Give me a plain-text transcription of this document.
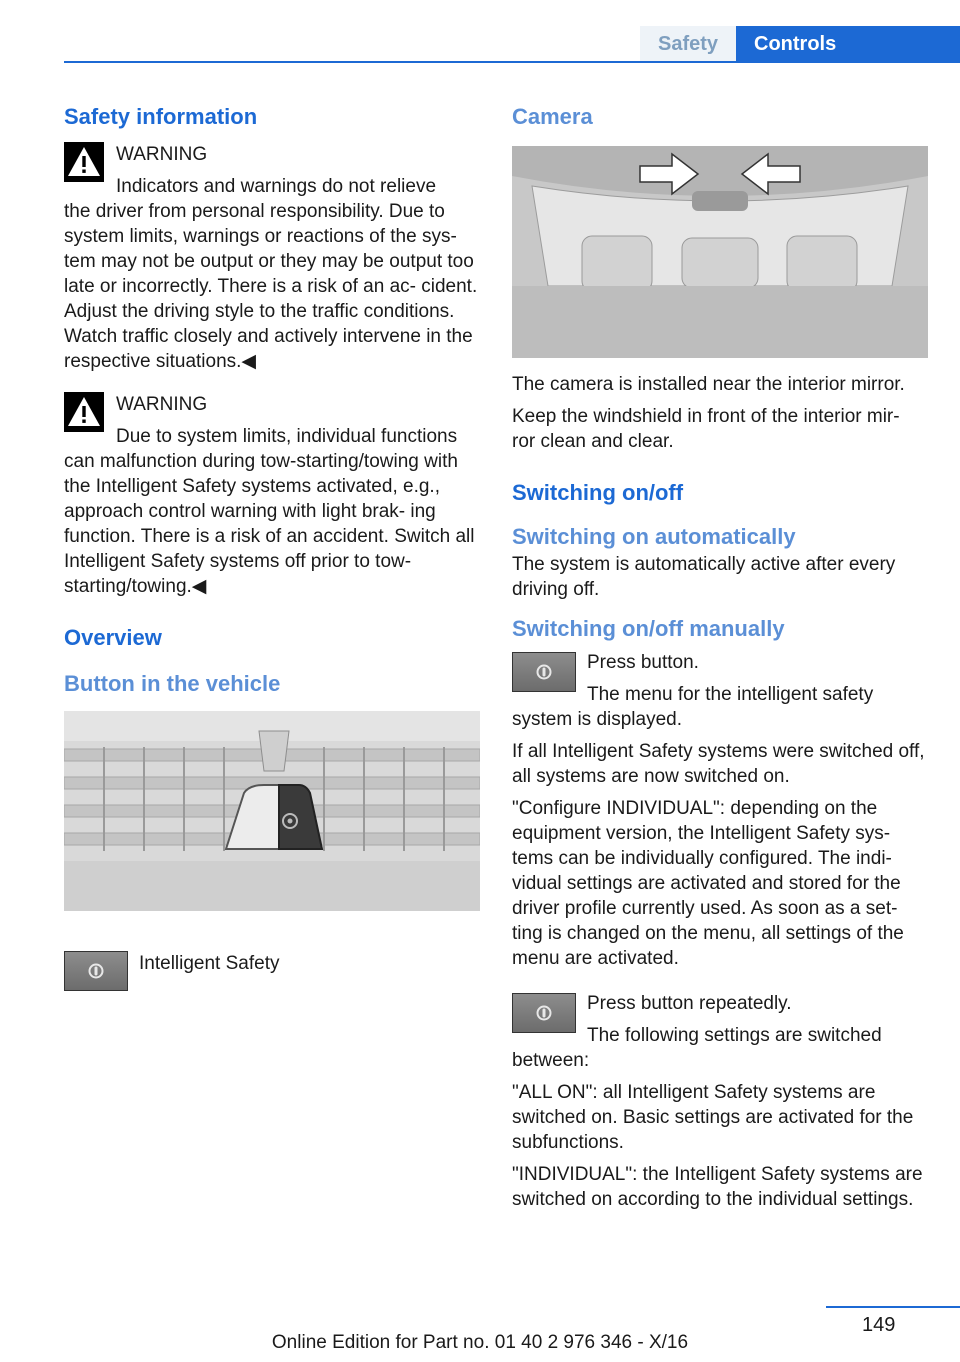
Safety	Controls
Safety information
WARNING

Indicators and warnings do not relieve

the driver from personal responsibility. Due to system limits, warnings or reactions of the sys‐ tem may not be output or they may be output too late or incorrectly. There is a risk of an ac‐ cident. Adjust the driving style to the traffic conditions. Watch traffic closely and actively intervene in the respective situations.◀

WARNING

Due to system limits, individual functions

can malfunction during tow-starting/towing with the Intelligent Safety systems activated, e.g., approach control warning with light brak‐ ing function. There is a risk of an accident. Switch all Intelligent Safety systems off prior to tow-starting/towing.◀

Overview
Button in the vehicle
Intelligent Safety
Camera

The camera is installed near the interior mirror.

Keep the windshield in front of the interior mir‐ ror clean and clear.

Switching on/off
Switching on automatically

The system is automatically active after every driving off.

Switching on/off manually
Press button.
The menu for the intelligent safety

system is displayed.

If all Intelligent Safety systems were switched off, all systems are now switched on.

"Configure INDIVIDUAL": depending on the equipment version, the Intelligent Safety sys‐ tems can be individually configured. The indi‐ vidual settings are activated and stored for the driver profile currently used. As soon as a set‐ ting is changed on the menu, all settings of the menu are activated.

Press button repeatedly.
The following settings are switched

between:

"ALL ON": all Intelligent Safety systems are switched on. Basic settings are activated for the subfunctions.

"INDIVIDUAL": the Intelligent Safety systems are switched on according to the individual settings.

149
Online Edition for Part no. 01 40 2 976 346 - X/16
